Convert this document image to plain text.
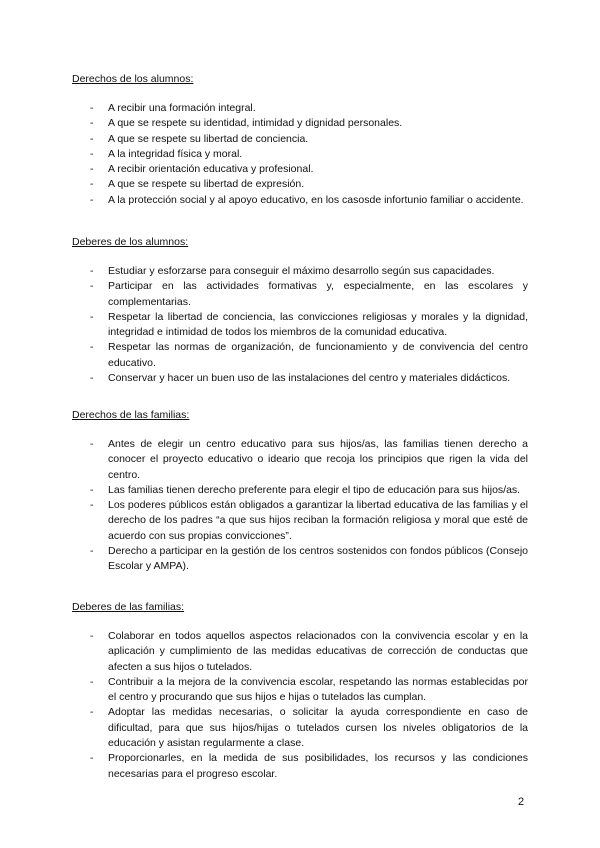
Derechos de los alumnos:

- A recibir una formación integral.
- A que se respete su identidad, intimidad y dignidad personales.
- A que se respete su libertad de conciencia.
- A la integridad física y moral.
- A recibir orientación educativa y profesional.
- A que se respete su libertad de expresión.
- A la protección social y al apoyo educativo, en los casosde infortunio familiar o accidente.

Deberes de los alumnos:

- Estudiar y esforzarse para conseguir el máximo desarrollo según sus capacidades.
- Participar en las actividades formativas y, especialmente, en las escolares y complementarias.
- Respetar la libertad de conciencia, las convicciones religiosas y morales y la dignidad, integridad e intimidad de todos los miembros de la comunidad educativa.
- Respetar las normas de organización, de funcionamiento y de convivencia del centro educativo.
- Conservar y hacer un buen uso de las instalaciones del centro y materiales didácticos.

Derechos de las familias:

- Antes de elegir un centro educativo para sus hijos/as, las familias tienen derecho a conocer el proyecto educativo o ideario que recoja los principios que rigen la vida del centro.
- Las familias tienen derecho preferente para elegir el tipo de educación para sus hijos/as.
- Los poderes públicos están obligados a garantizar la libertad educativa de las familias y el derecho de los padres “a que sus hijos reciban la formación religiosa y moral que esté de acuerdo con sus propias convicciones”.
- Derecho a participar en la gestión de los centros sostenidos con fondos públicos (Consejo Escolar y AMPA).

Deberes de las familias:

- Colaborar en todos aquellos aspectos relacionados con la convivencia escolar y en la aplicación y cumplimiento de las medidas educativas de corrección de conductas que afecten a sus hijos o tutelados.
- Contribuir a la mejora de la convivencia escolar, respetando las normas establecidas por el centro y procurando que sus hijos e hijas o tutelados las cumplan.
- Adoptar las medidas necesarias, o solicitar la ayuda correspondiente en caso de dificultad, para que sus hijos/hijas o tutelados cursen los niveles obligatorios de la educación y asistan regularmente a clase.
- Proporcionarles, en la medida de sus posibilidades, los recursos y las condiciones necesarias para el progreso escolar.
2
